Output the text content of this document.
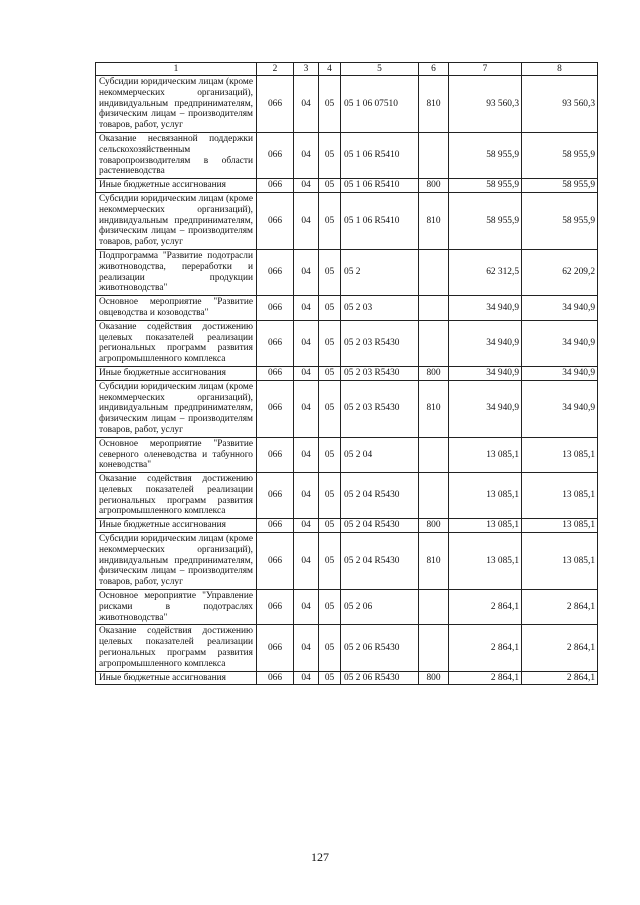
1	2	3	4	5	6	7	8
Субсидии юридическим лицам (кроме некоммерческих организаций), индивидуальным предпринимателям, физическим лицам – производителям товаров, работ, услуг	066	04	05	05 1 06 07510	810	93 560,3	93 560,3
Оказание несвязанной поддержки сельскохозяйственным товаропроизводителям в области растениеводства	066	04	05	05 1 06 R5410		58 955,9	58 955,9
Иные бюджетные ассигнования	066	04	05	05 1 06 R5410	800	58 955,9	58 955,9
Субсидии юридическим лицам (кроме некоммерческих организаций), индивидуальным предпринимателям, физическим лицам – производителям товаров, работ, услуг	066	04	05	05 1 06 R5410	810	58 955,9	58 955,9
Подпрограмма "Развитие подотрасли животноводства, переработки и реализации продукции животноводства"	066	04	05	05 2		62 312,5	62 209,2
Основное мероприятие "Развитие овцеводства и козоводства"	066	04	05	05 2 03		34 940,9	34 940,9
Оказание содействия достижению целевых показателей реализации региональных программ развития агропромышленного комплекса	066	04	05	05 2 03 R5430		34 940,9	34 940,9
Иные бюджетные ассигнования	066	04	05	05 2 03 R5430	800	34 940,9	34 940,9
Субсидии юридическим лицам (кроме некоммерческих организаций), индивидуальным предпринимателям, физическим лицам – производителям товаров, работ, услуг	066	04	05	05 2 03 R5430	810	34 940,9	34 940,9
Основное мероприятие "Развитие северного оленеводства и табунного коневодства"	066	04	05	05 2 04		13 085,1	13 085,1
Оказание содействия достижению целевых показателей реализации региональных программ развития агропромышленного комплекса	066	04	05	05 2 04 R5430		13 085,1	13 085,1
Иные бюджетные ассигнования	066	04	05	05 2 04 R5430	800	13 085,1	13 085,1
Субсидии юридическим лицам (кроме некоммерческих организаций), индивидуальным предпринимателям, физическим лицам – производителям товаров, работ, услуг	066	04	05	05 2 04 R5430	810	13 085,1	13 085,1
Основное мероприятие "Управление рисками в подотраслях животноводства"	066	04	05	05 2 06		2 864,1	2 864,1
Оказание содействия достижению целевых показателей реализации региональных программ развития агропромышленного комплекса	066	04	05	05 2 06 R5430		2 864,1	2 864,1
Иные бюджетные ассигнования	066	04	05	05 2 06 R5430	800	2 864,1	2 864,1
127
